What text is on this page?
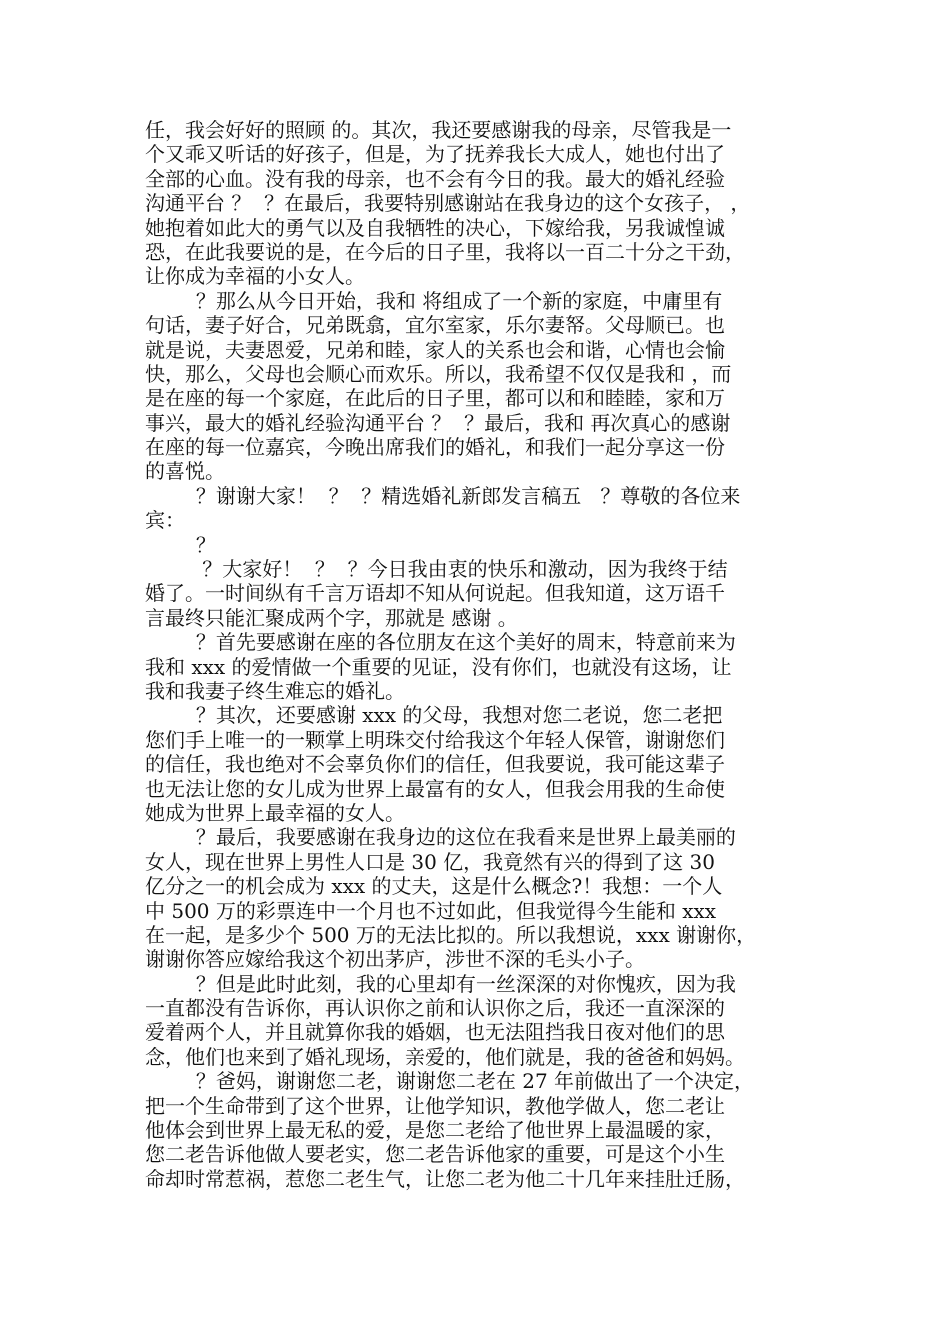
任，我会好好的照顾 的。其次，我还要感谢我的母亲，尽管我是一
个又乖又听话的好孩子，但是，为了抚养我长大成人，她也付出了
全部的心血。没有我的母亲，也不会有今日的我。最大的婚礼经验
沟通平台 ？  ？在最后，我要特别感谢站在我身边的这个女孩子， ，
她抱着如此大的勇气以及自我牺牲的决心，下嫁给我，另我诚惶诚
恐，在此我要说的是，在今后的日子里，我将以一百二十分之干劲，
让你成为幸福的小女人。
？那么从今日开始，我和 将组成了一个新的家庭，中庸里有
句话，妻子好合，兄弟既翕，宜尔室家，乐尔妻帑。父母顺已。也
就是说，夫妻恩爱，兄弟和睦，家人的关系也会和谐，心情也会愉
快，那么，父母也会顺心而欢乐。所以，我希望不仅仅是我和 ，而
是在座的每一个家庭，在此后的日子里，都可以和和睦睦，家和万
事兴，最大的婚礼经验沟通平台 ？  ？最后，我和 再次真心的感谢
在座的每一位嘉宾，今晚出席我们的婚礼，和我们一起分享这一份
的喜悦。
？谢谢大家！  ？  ？精选婚礼新郎发言稿五   ？尊敬的各位来
宾：
？
？大家好！  ？  ？今日我由衷的快乐和激动，因为我终于结
婚了。一时间纵有千言万语却不知从何说起。但我知道，这万语千
言最终只能汇聚成两个字，那就是 感谢 。
？首先要感谢在座的各位朋友在这个美好的周末，特意前来为
我和 xxx 的爱情做一个重要的见证，没有你们，也就没有这场，让
我和我妻子终生难忘的婚礼。
？其次，还要感谢 xxx 的父母，我想对您二老说，您二老把
您们手上唯一的一颗掌上明珠交付给我这个年轻人保管，谢谢您们
的信任，我也绝对不会辜负你们的信任，但我要说，我可能这辈子
也无法让您的女儿成为世界上最富有的女人，但我会用我的生命使
她成为世界上最幸福的女人。
？最后，我要感谢在我身边的这位在我看来是世界上最美丽的
女人，现在世界上男性人口是 30 亿，我竟然有兴的得到了这 30
亿分之一的机会成为 xxx 的丈夫，这是什么概念?！我想：一个人
中 500 万的彩票连中一个月也不过如此，但我觉得今生能和 xxx
在一起，是多少个 500 万的无法比拟的。所以我想说，xxx 谢谢你，
谢谢你答应嫁给我这个初出茅庐，涉世不深的毛头小子。
？但是此时此刻，我的心里却有一丝深深的对你愧疚，因为我
一直都没有告诉你，再认识你之前和认识你之后，我还一直深深的
爱着两个人，并且就算你我的婚姻，也无法阻挡我日夜对他们的思
念，他们也来到了婚礼现场，亲爱的，他们就是，我的爸爸和妈妈。
？爸妈，谢谢您二老，谢谢您二老在 27 年前做出了一个决定，
把一个生命带到了这个世界，让他学知识，教他学做人，您二老让
他体会到世界上最无私的爱，是您二老给了他世界上最温暖的家，
您二老告诉他做人要老实，您二老告诉他家的重要，可是这个小生
命却时常惹祸，惹您二老生气，让您二老为他二十几年来挂肚迁肠，
